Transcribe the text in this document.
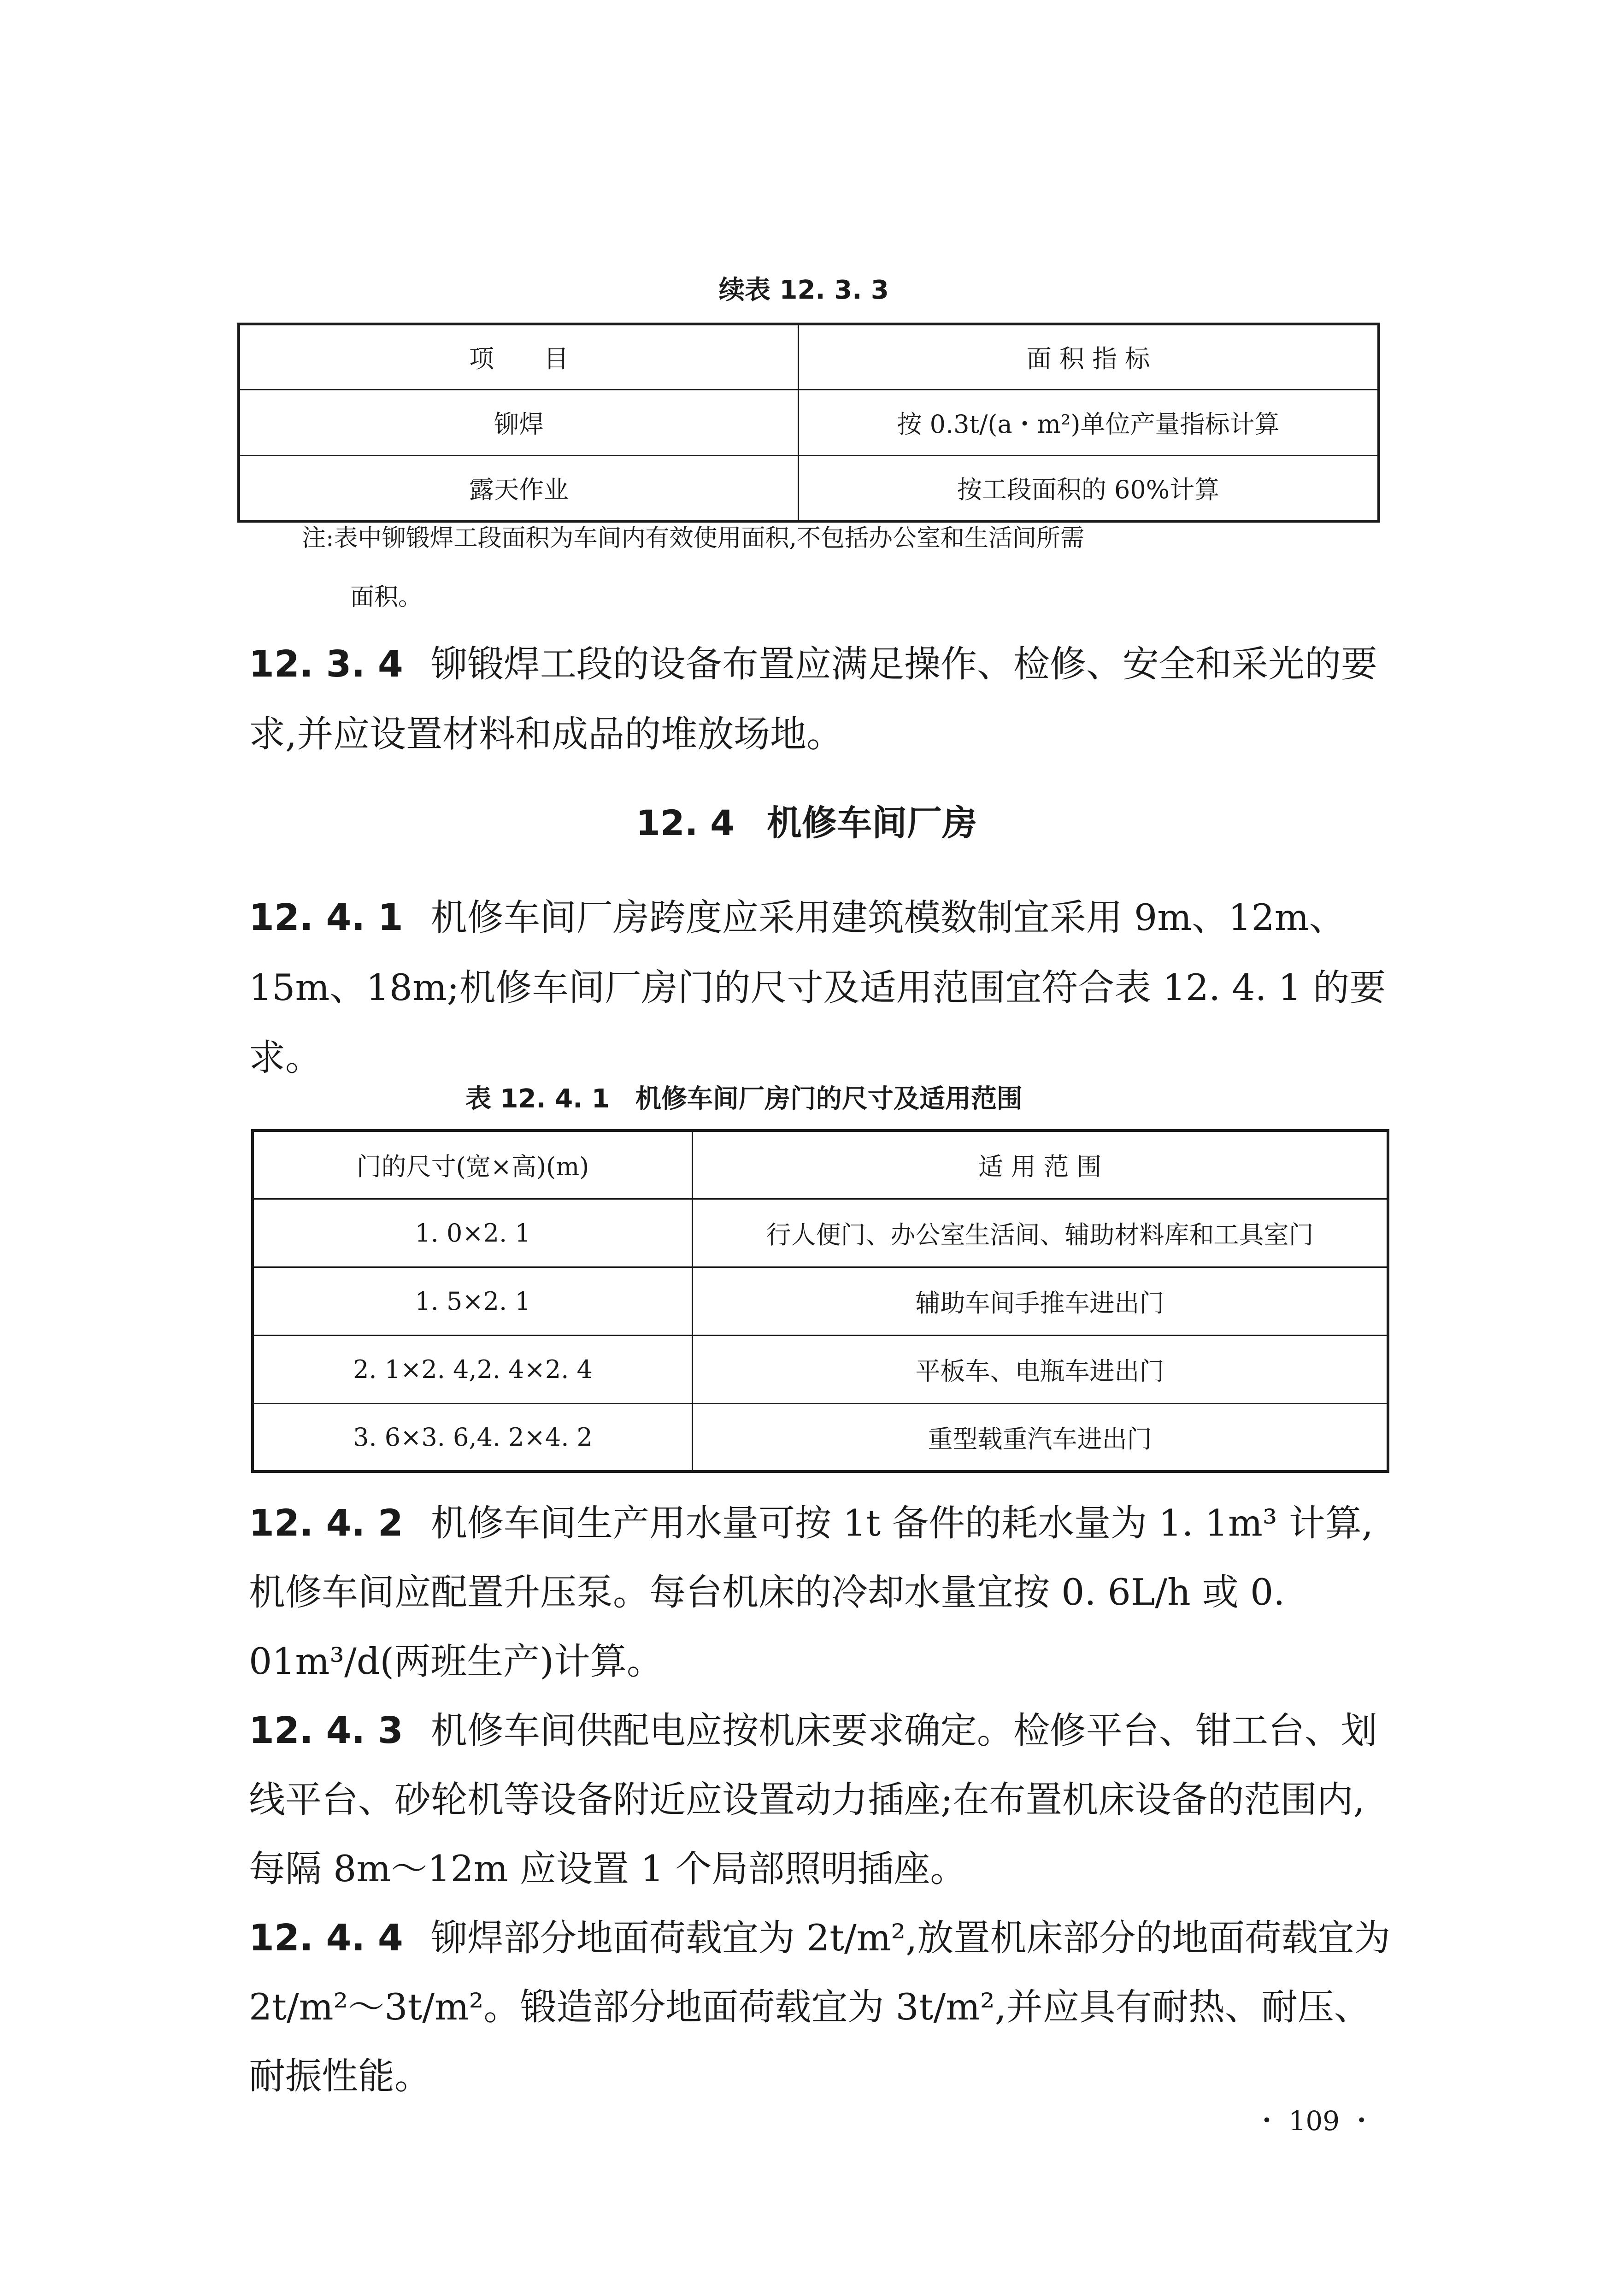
续表 12. 3. 3
项　　目	面 积 指 标
铆焊	按 0.3t/(a・m²)单位产量指标计算
露天作业	按工段面积的 60%计算
注:表中铆锻焊工段面积为车间内有效使用面积,不包括办公室和生活间所需
面积。
12. 3. 4 铆锻焊工段的设备布置应满足操作、检修、安全和采光的要求,并应设置材料和成品的堆放场地。
12. 4 机修车间厂房
12. 4. 1 机修车间厂房跨度应采用建筑模数制宜采用 9m、12m、15m、18m;机修车间厂房门的尺寸及适用范围宜符合表 12. 4. 1 的要求。
表 12. 4. 1　机修车间厂房门的尺寸及适用范围
门的尺寸(宽×高)(m)	适 用 范 围
1. 0×2. 1	行人便门、办公室生活间、辅助材料库和工具室门
1. 5×2. 1	辅助车间手推车进出门
2. 1×2. 4,2. 4×2. 4	平板车、电瓶车进出门
3. 6×3. 6,4. 2×4. 2	重型载重汽车进出门
12. 4. 2 机修车间生产用水量可按 1t 备件的耗水量为 1. 1m³ 计算,机修车间应配置升压泵。每台机床的冷却水量宜按 0. 6L/h 或 0. 01m³/d(两班生产)计算。
12. 4. 3 机修车间供配电应按机床要求确定。检修平台、钳工台、划线平台、砂轮机等设备附近应设置动力插座;在布置机床设备的范围内,每隔 8m～12m 应设置 1 个局部照明插座。
12. 4. 4 铆焊部分地面荷载宜为 2t/m²,放置机床部分的地面荷载宜为 2t/m²～3t/m²。锻造部分地面荷载宜为 3t/m²,并应具有耐热、耐压、耐振性能。
・ 109 ・
